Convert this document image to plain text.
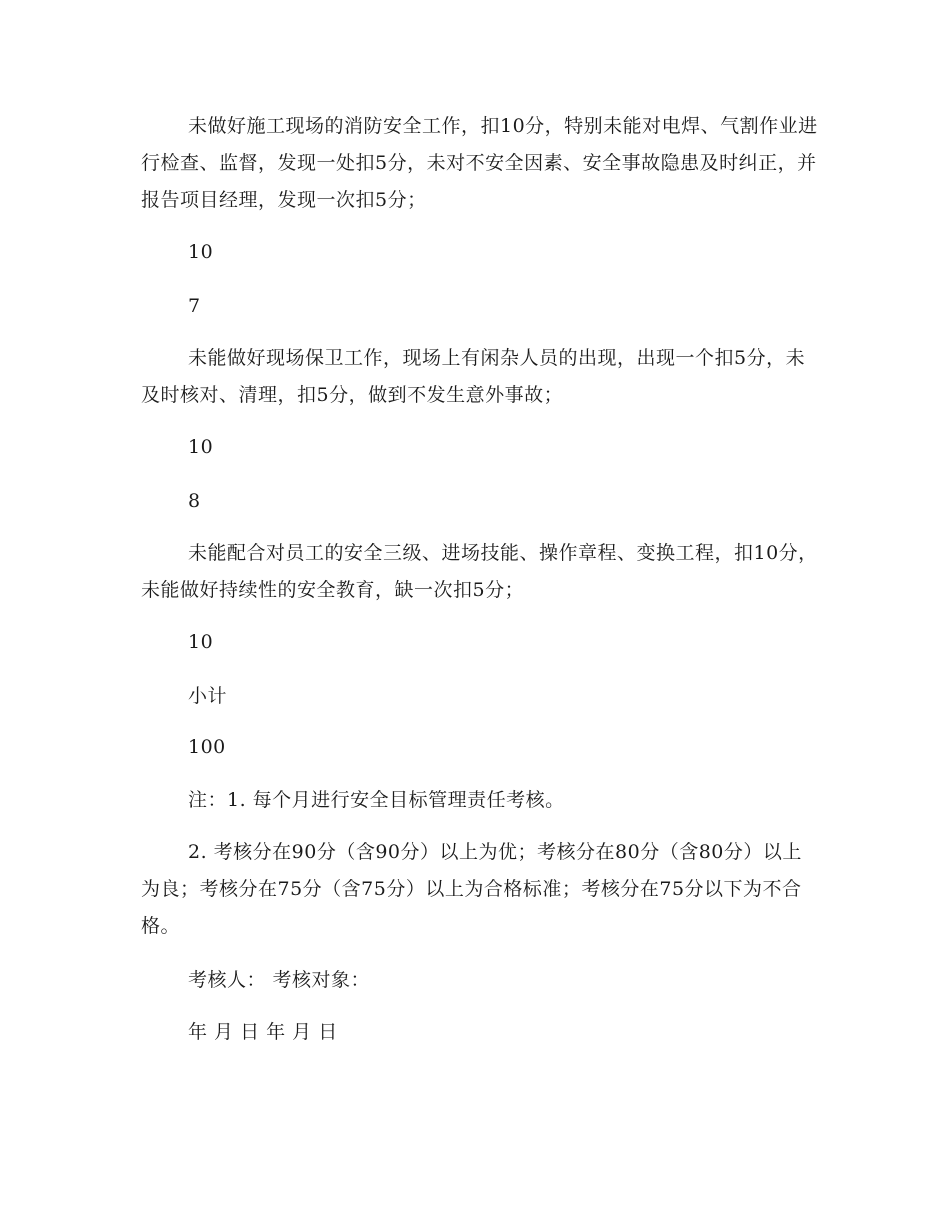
未做好施工现场的消防安全工作，扣10分，特别未能对电焊、气割作业进行检查、监督，发现一处扣5分，未对不安全因素、安全事故隐患及时纠正，并报告项目经理，发现一次扣5分；

10

7

未能做好现场保卫工作，现场上有闲杂人员的出现，出现一个扣5分，未及时核对、清理，扣5分，做到不发生意外事故；

10

8

未能配合对员工的安全三级、进场技能、操作章程、变换工程，扣10分，未能做好持续性的安全教育，缺一次扣5分；

10

小计

100

注：1. 每个月进行安全目标管理责任考核。

2. 考核分在90分（含90分）以上为优；考核分在80分（含80分）以上为良；考核分在75分（含75分）以上为合格标准；考核分在75分以下为不合格。

考核人： 考核对象：

年 月 日 年 月 日
